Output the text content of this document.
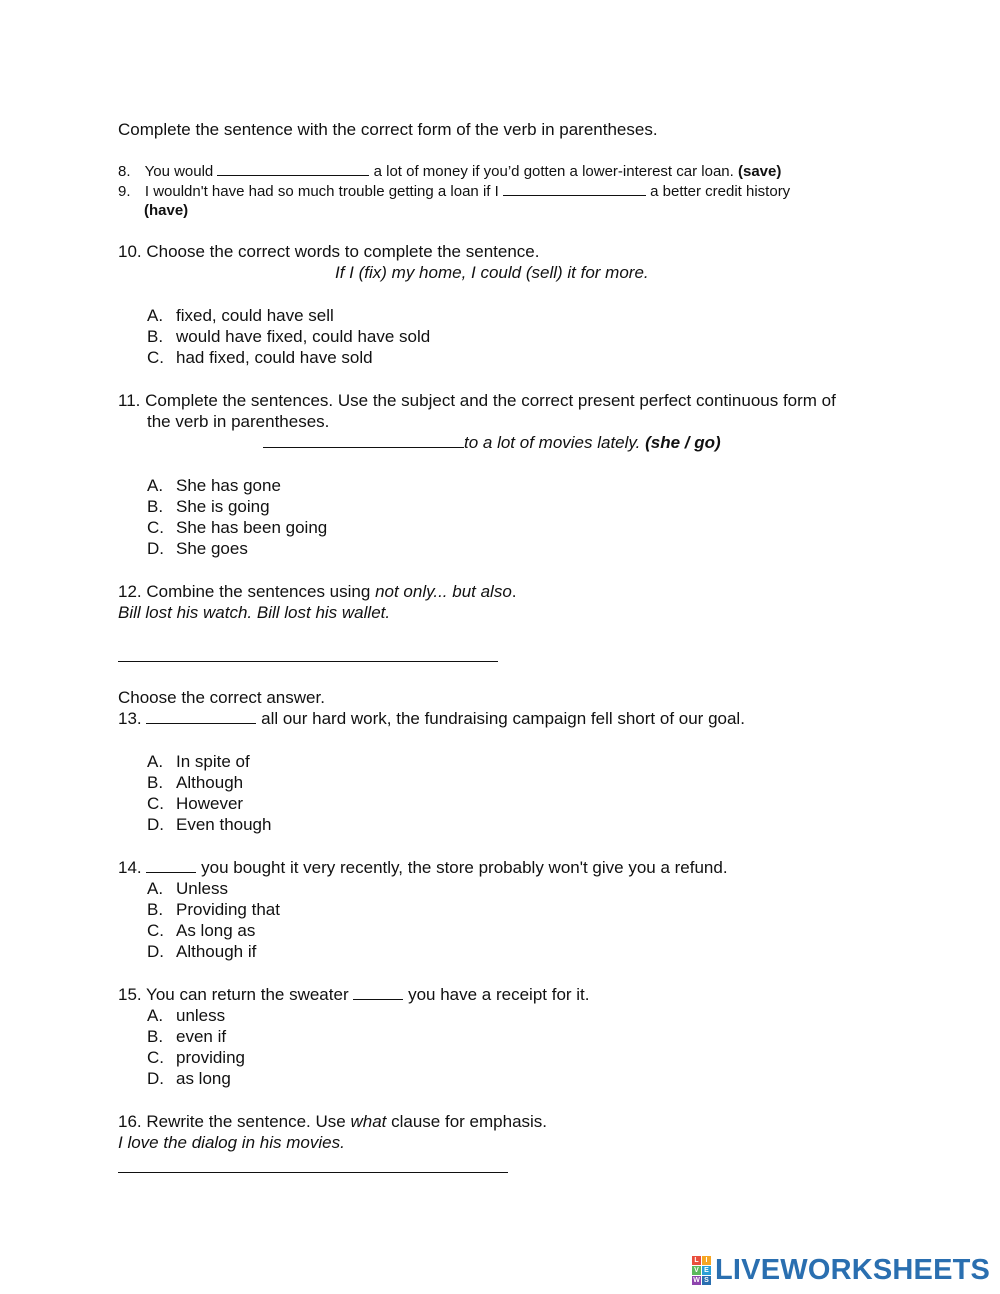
Complete the sentence with the correct form of the verb in parentheses.
8. You would	a lot of money if you’d gotten a lower-interest car loan. (save)
9. I wouldn't have had so much trouble getting a loan if I	a better credit history
(have)
10. Choose the correct words to complete the sentence.
If I (fix) my home, I could (sell) it for more.
A. fixed, could have sell
B. would have fixed, could have sold
C. had fixed, could have sold
11. Complete the sentences. Use the subject and the correct present perfect continuous form of
the verb in parentheses.
to a lot of movies lately. (she / go)
A. She has gone
B. She is going
C. She has been going
D. She goes
12. Combine the sentences using not only... but also.
Bill lost his watch. Bill lost his wallet.
Choose the correct answer.
13.	all our hard work, the fundraising campaign fell short of our goal.
A. In spite of
B. Although
C. However
D. Even though
14.	you bought it very recently, the store probably won't give you a refund.
A. Unless
B. Providing that
C. As long as
D. Although if
15. You can return the sweater	you have a receipt for it.
A. unless
B. even if
C. providing
D. as long
16. Rewrite the sentence. Use what clause for emphasis.
I love the dialog in his movies.
L I
V E
W S LIVEWORKSHEETS
